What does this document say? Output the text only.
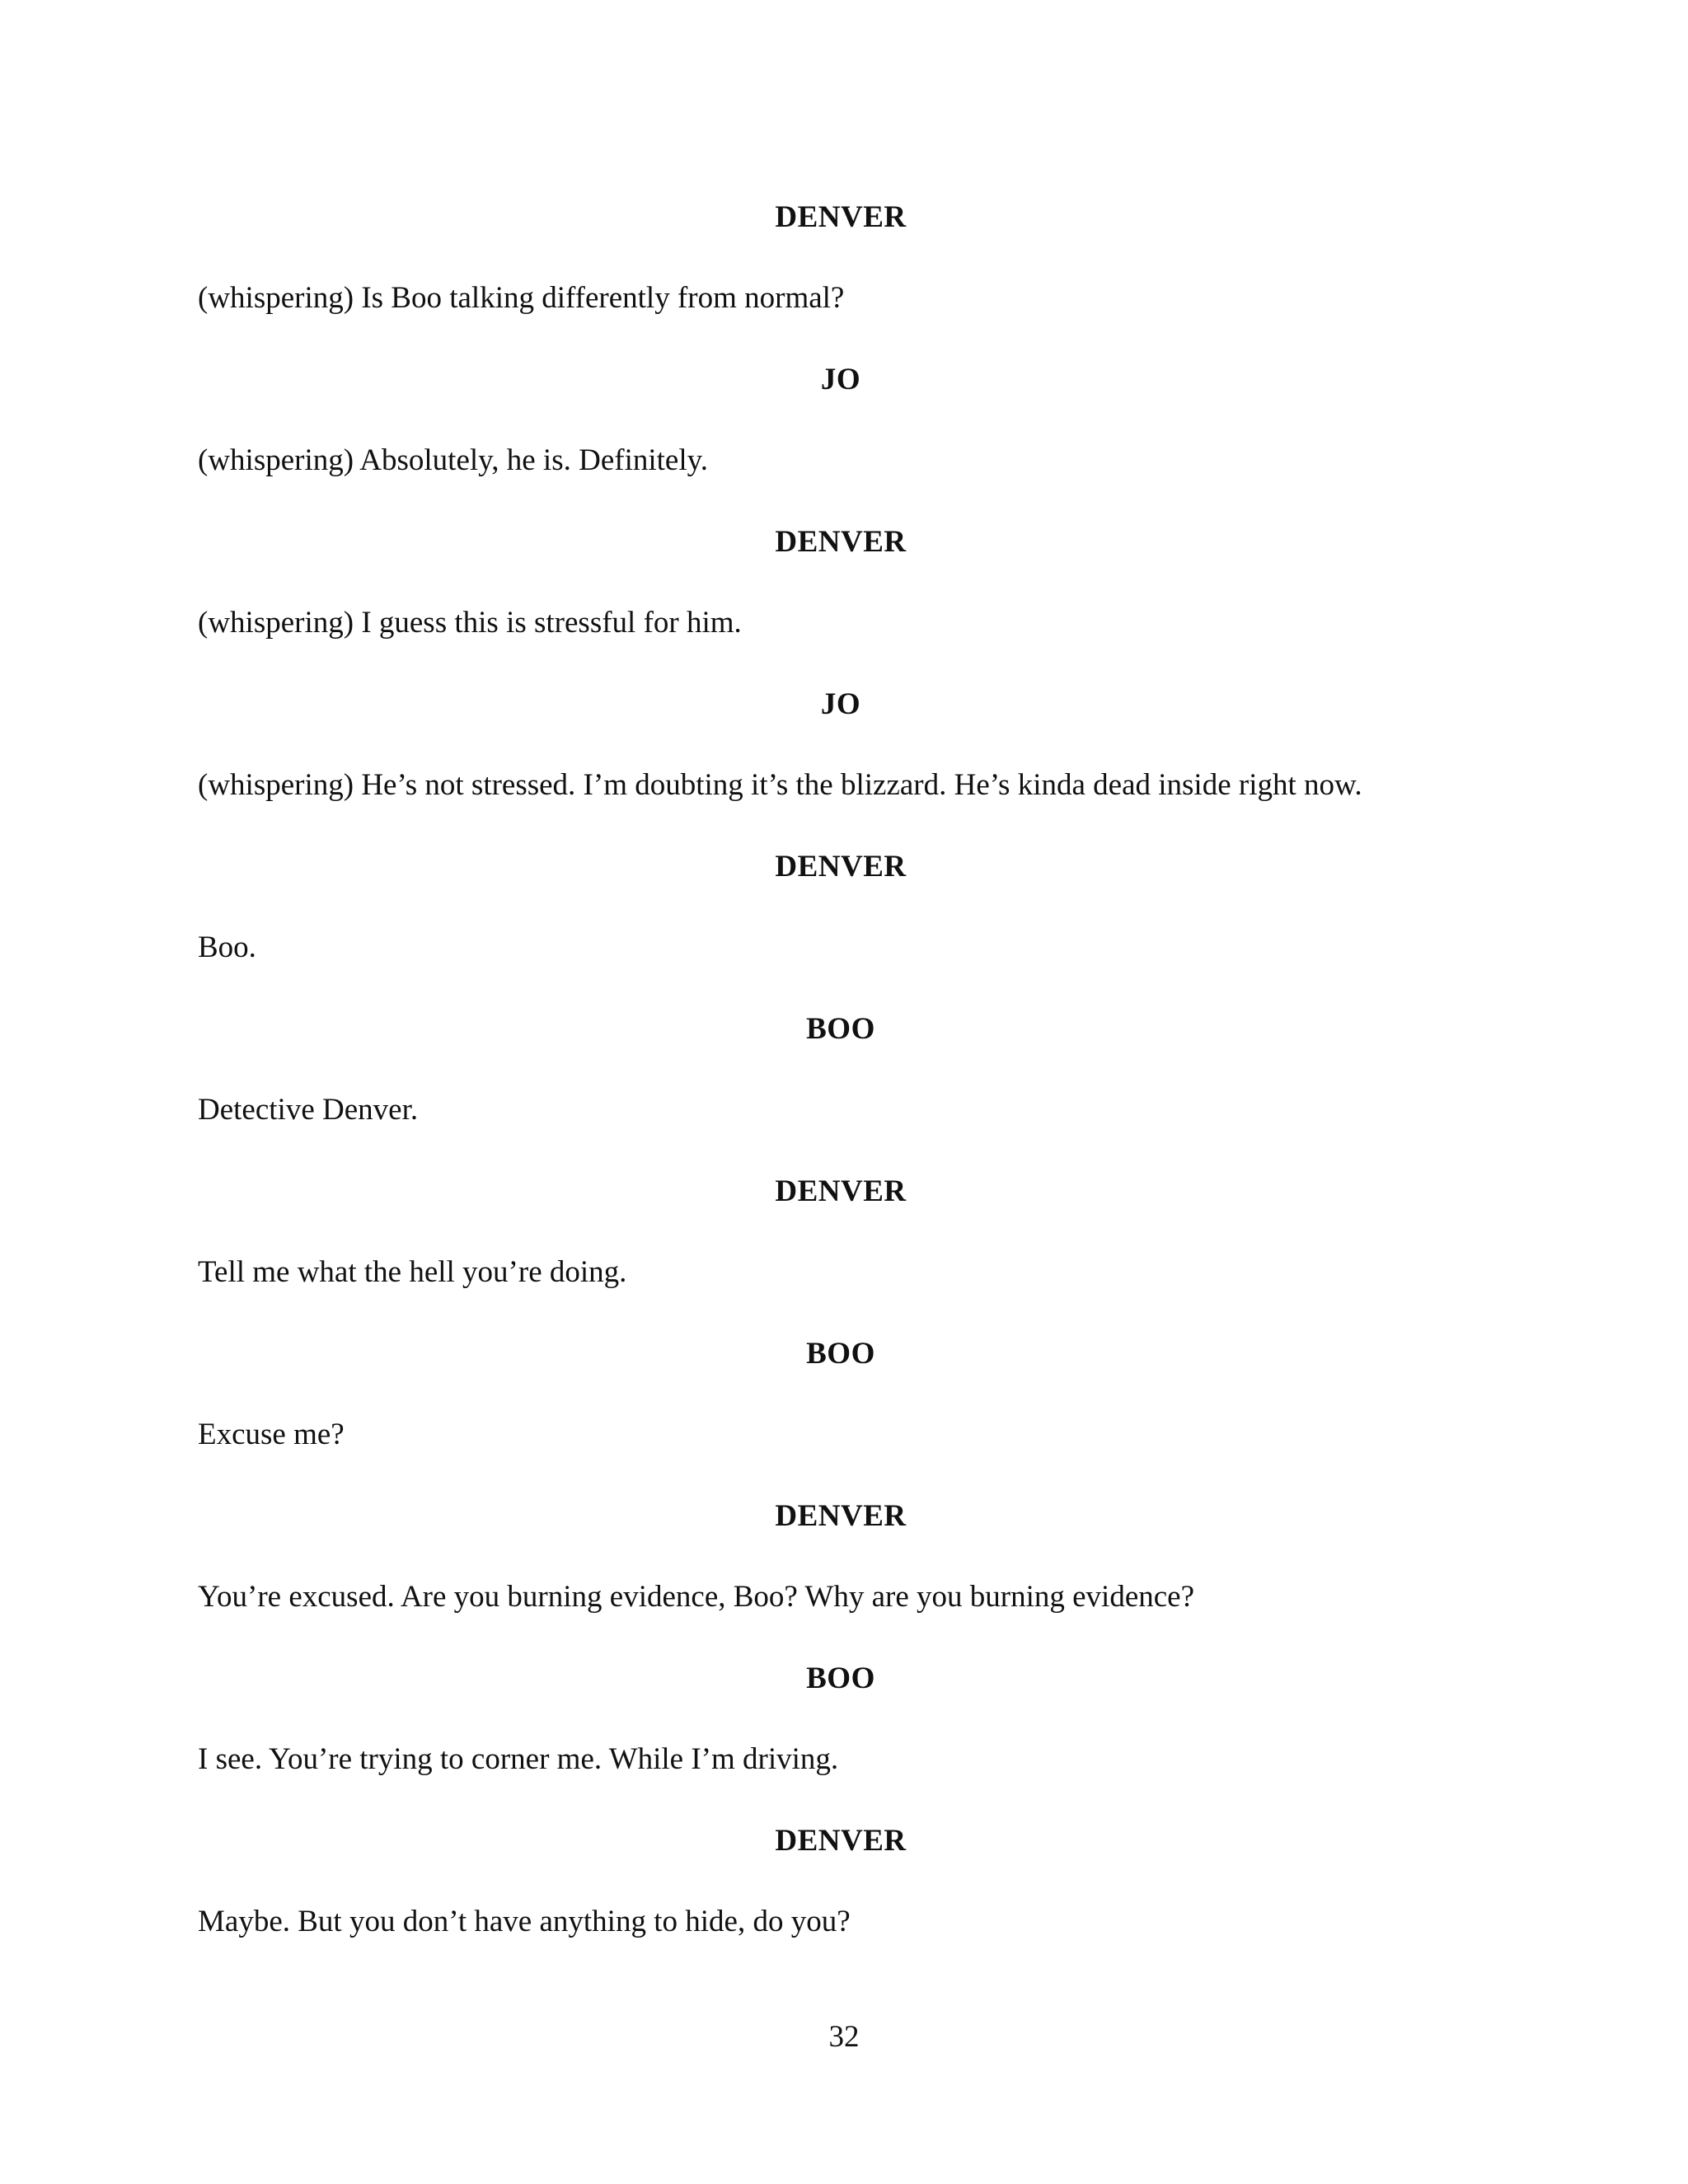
DENVER
(whispering) Is Boo talking differently from normal?
JO
(whispering) Absolutely, he is. Definitely.
DENVER
(whispering) I guess this is stressful for him.
JO
(whispering) He’s not stressed. I’m doubting it’s the blizzard. He’s kinda dead inside right now.
DENVER
Boo.
BOO
Detective Denver.
DENVER
Tell me what the hell you’re doing.
BOO
Excuse me?
DENVER
You’re excused. Are you burning evidence, Boo? Why are you burning evidence?
BOO
I see. You’re trying to corner me. While I’m driving.
DENVER
Maybe. But you don’t have anything to hide, do you?
32
